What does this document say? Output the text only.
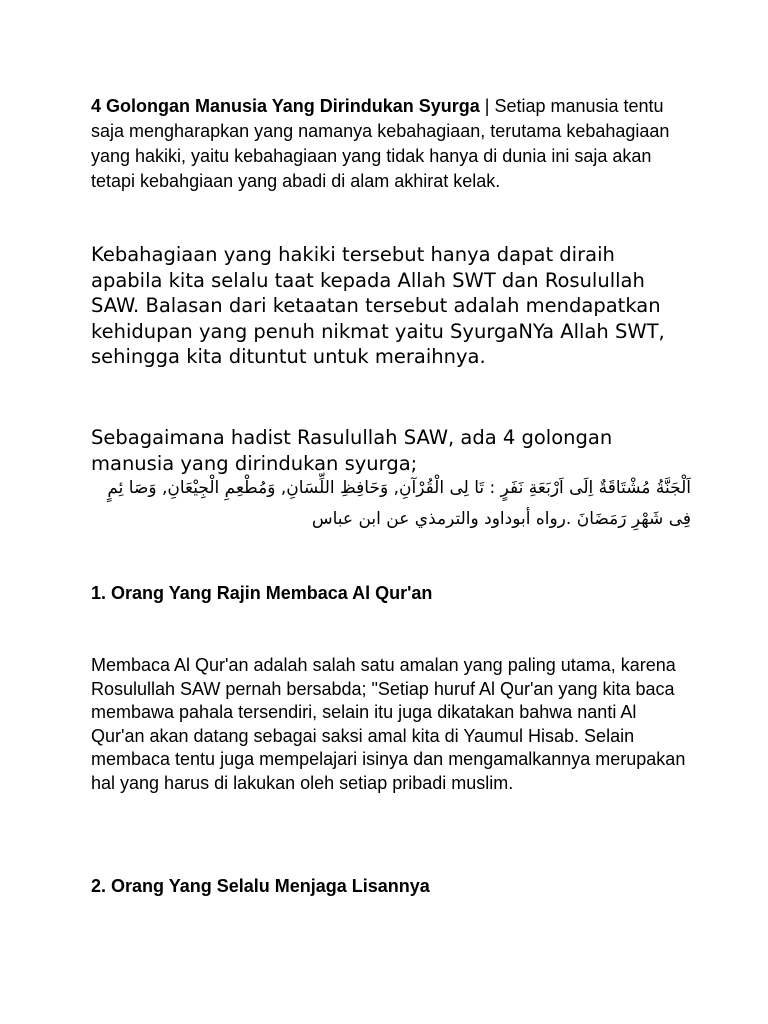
4 Golongan Manusia Yang Dirindukan Syurga | Setiap manusia tentu saja mengharapkan yang namanya kebahagiaan, terutama kebahagiaan yang hakiki, yaitu kebahagiaan yang tidak hanya di dunia ini saja akan tetapi kebahgiaan yang abadi di alam akhirat kelak.

Kebahagiaan yang hakiki tersebut hanya dapat diraih apabila kita selalu taat kepada Allah SWT dan Rosulullah SAW. Balasan dari ketaatan tersebut adalah mendapatkan kehidupan yang penuh nikmat yaitu SyurgaNYa Allah SWT, sehingga kita dituntut untuk meraihnya.

Sebagaimana hadist Rasulullah SAW, ada 4 golongan manusia yang dirindukan syurga;

اَلْجَنَّةُ مُشْتَاقَةٌ اِلَى اَرْبَعَةِ نَفَرٍ : تَا لِى الْقُرْآنِ, وَحَافِظِ اللِّسَانِ, وَمُطْعِمِ الْجِيْعَانِ, وَصَا ئِمٍ
فِى شَهْرِ رَمَضَانَ .رواه أبوداود والترمذي عن ابن عباس

1. Orang Yang Rajin Membaca Al Qur'an

Membaca Al Qur'an adalah salah satu amalan yang paling utama, karena Rosulullah SAW pernah bersabda; "Setiap huruf Al Qur'an yang kita baca membawa pahala tersendiri, selain itu juga dikatakan bahwa nanti Al Qur'an akan datang sebagai saksi amal kita di Yaumul Hisab. Selain membaca tentu juga mempelajari isinya dan mengamalkannya merupakan hal yang harus di lakukan oleh setiap pribadi muslim.

2. Orang Yang Selalu Menjaga Lisannya
